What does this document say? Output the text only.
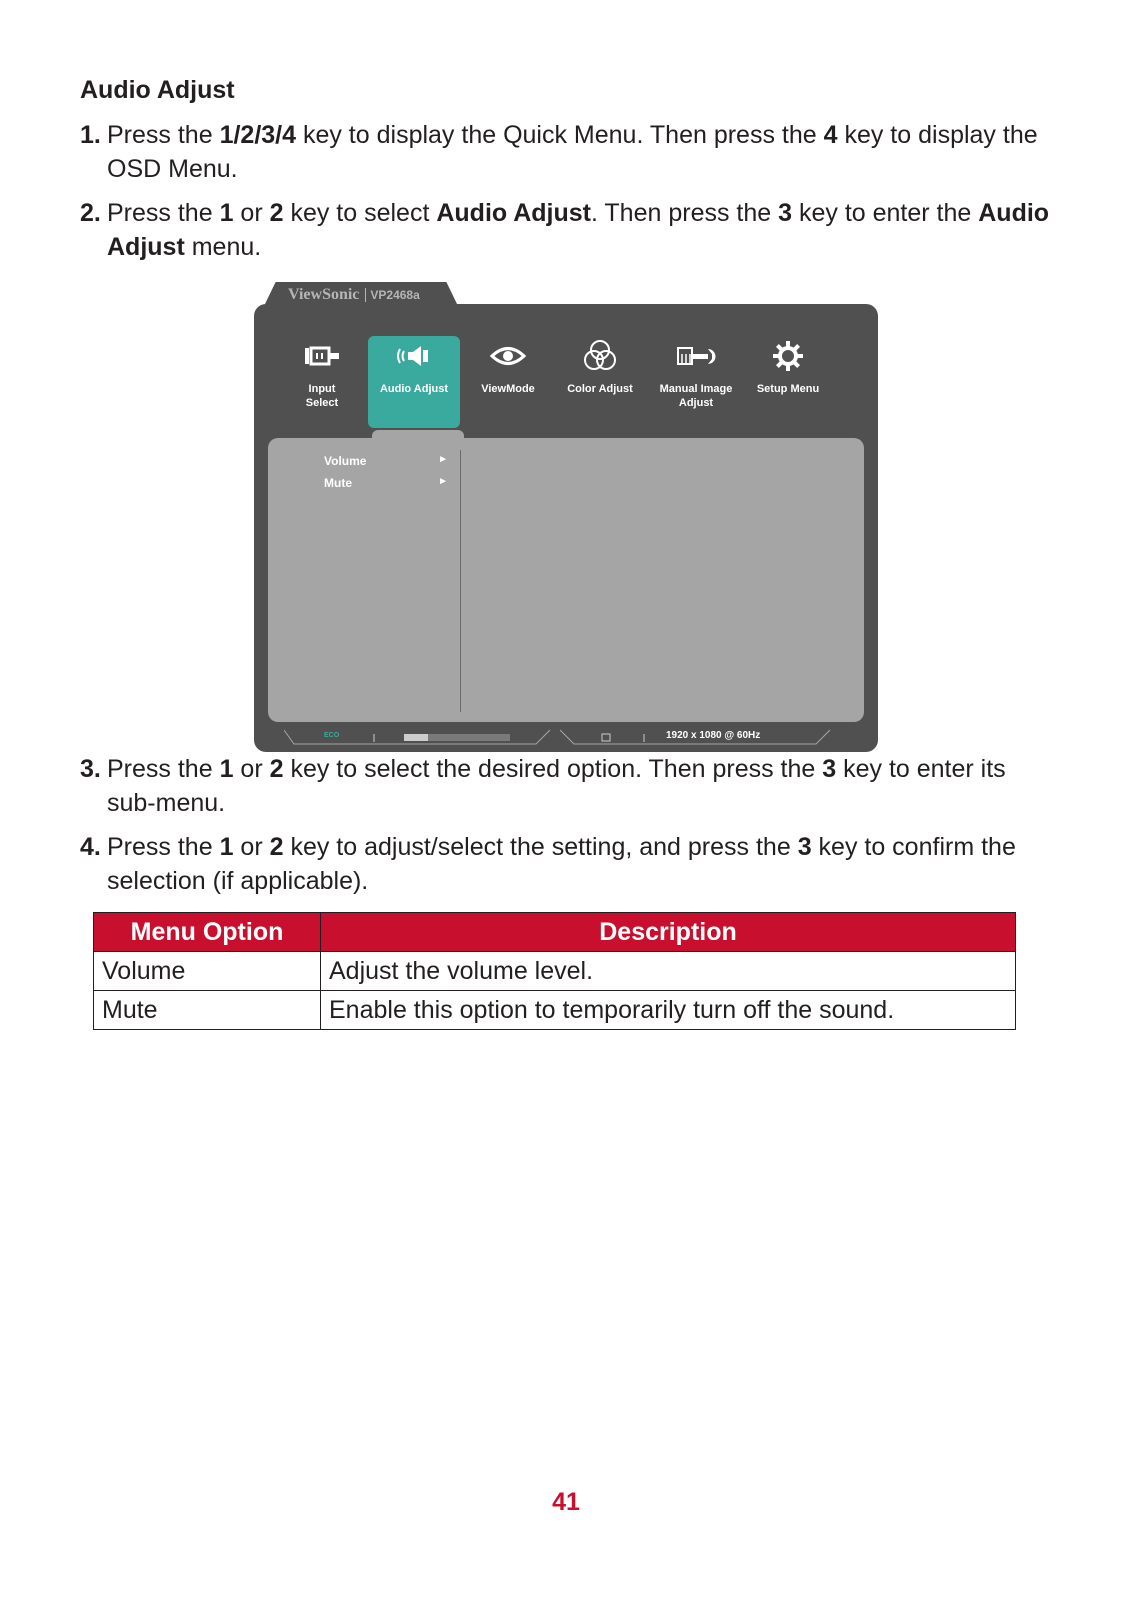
Audio Adjust
1. Press the 1/2/3/4 key to display the Quick Menu. Then press the 4 key to display the OSD Menu.
2. Press the 1 or 2 key to select Audio Adjust. Then press the 3 key to enter the Audio Adjust menu.
ViewSonic VP2468a
Input
Select
Audio Adjust	ViewMode	Color Adjust	Manual Image
Adjust
Setup Menu
Volume	►
Mute	►
ECO	1920 x 1080 @ 60Hz
3. Press the 1 or 2 key to select the desired option. Then press the 3 key to enter its sub-menu.
4. Press the 1 or 2 key to adjust/select the setting, and press the 3 key to confirm the selection (if applicable).
Menu Option	Description
Volume	Adjust the volume level.
Mute	Enable this option to temporarily turn off the sound.
41
